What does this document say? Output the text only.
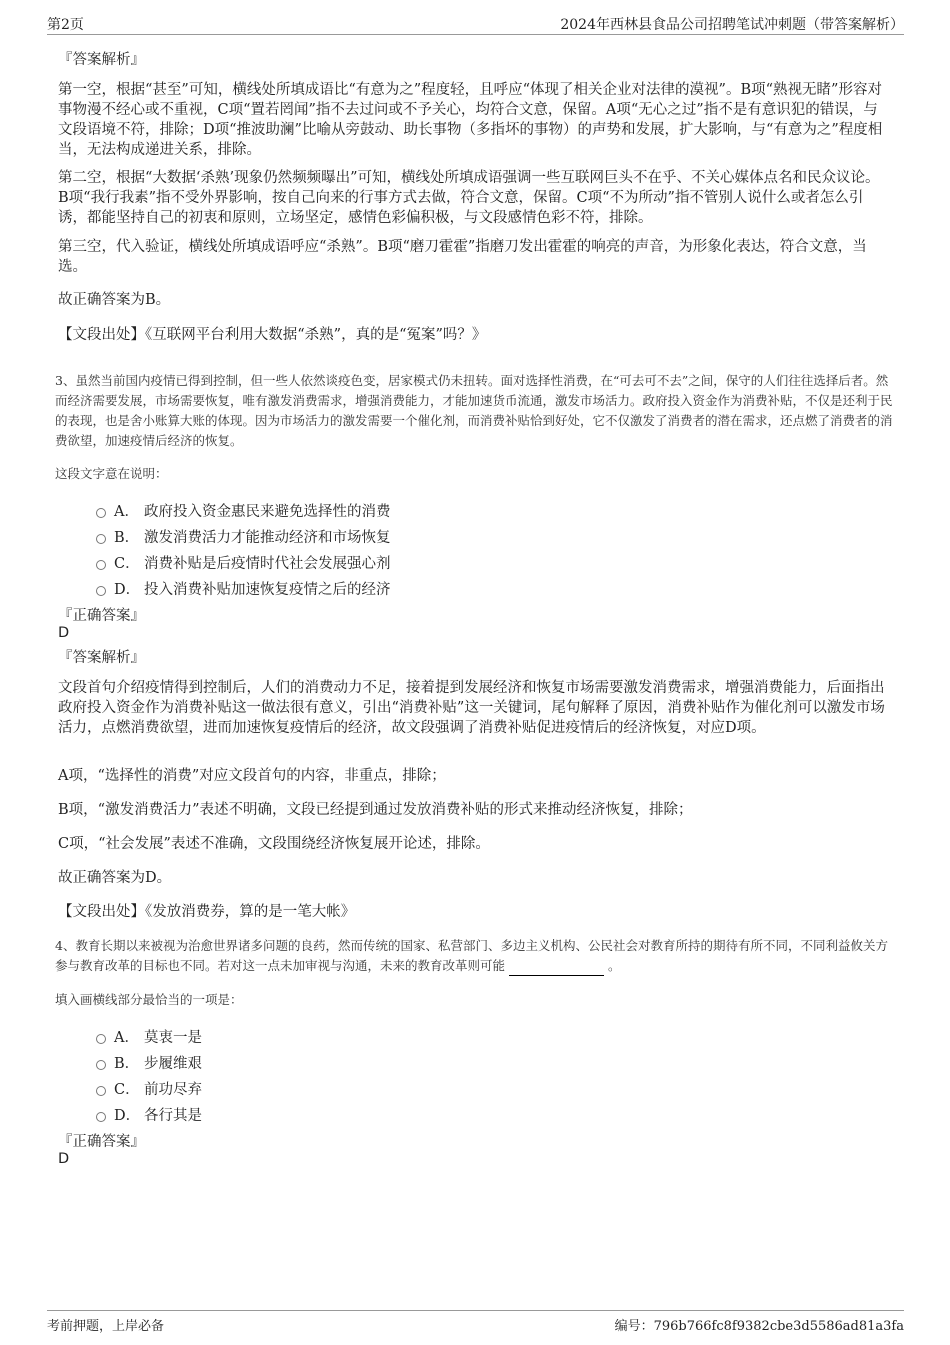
第2页	2024年西林县食品公司招聘笔试冲刺题（带答案解析）
『答案解析』
第一空，根据“甚至”可知，横线处所填成语比“有意为之”程度轻，且呼应“体现了相关企业对法律的漠视”。B项“熟视无睹”形容对事物漫不经心或不重视，C项“置若罔闻”指不去过问或不予关心，均符合文意，保留。A项“无心之过”指不是有意识犯的错误，与文段语境不符，排除；D项“推波助澜”比喻从旁鼓动、助长事物（多指坏的事物）的声势和发展，扩大影响，与“有意为之”程度相当，无法构成递进关系，排除。
第二空，根据“大数据‘杀熟’现象仍然频频曝出”可知，横线处所填成语强调一些互联网巨头不在乎、不关心媒体点名和民众议论。B项“我行我素”指不受外界影响，按自己向来的行事方式去做，符合文意，保留。C项“不为所动”指不管别人说什么或者怎么引诱，都能坚持自己的初衷和原则，立场坚定，感情色彩偏积极，与文段感情色彩不符，排除。
第三空，代入验证，横线处所填成语呼应“杀熟”。B项“磨刀霍霍”指磨刀发出霍霍的响亮的声音，为形象化表达，符合文意，当选。
故正确答案为B。
【文段出处】《互联网平台利用大数据“杀熟”，真的是“冤案”吗？》
3、虽然当前国内疫情已得到控制，但一些人依然谈疫色变，居家模式仍未扭转。面对选择性消费，在“可去可不去”之间，保守的人们往往选择后者。然而经济需要发展，市场需要恢复，唯有激发消费需求，增强消费能力，才能加速货币流通，激发市场活力。政府投入资金作为消费补贴，不仅是还利于民的表现，也是舍小账算大账的体现。因为市场活力的激发需要一个催化剂，而消费补贴恰到好处，它不仅激发了消费者的潜在需求，还点燃了消费者的消费欲望，加速疫情后经济的恢复。
这段文字意在说明：
A． 政府投入资金惠民来避免选择性的消费
B． 激发消费活力才能推动经济和市场恢复
C． 消费补贴是后疫情时代社会发展强心剂
D． 投入消费补贴加速恢复疫情之后的经济
『正确答案』
D
『答案解析』
文段首句介绍疫情得到控制后，人们的消费动力不足，接着提到发展经济和恢复市场需要激发消费需求，增强消费能力，后面指出政府投入资金作为消费补贴这一做法很有意义，引出“消费补贴”这一关键词，尾句解释了原因，消费补贴作为催化剂可以激发市场活力，点燃消费欲望，进而加速恢复疫情后的经济，故文段强调了消费补贴促进疫情后的经济恢复，对应D项。
A项，“选择性的消费”对应文段首句的内容，非重点，排除；
B项，“激发消费活力”表述不明确，文段已经提到通过发放消费补贴的形式来推动经济恢复，排除；
C项，“社会发展”表述不准确，文段围绕经济恢复展开论述，排除。
故正确答案为D。
【文段出处】《发放消费券，算的是一笔大帐》
4、教育长期以来被视为治愈世界诸多问题的良药，然而传统的国家、私营部门、多边主义机构、公民社会对教育所持的期待有所不同，不同利益攸关方参与教育改革的目标也不同。若对这一点未加审视与沟通，未来的教育改革则可能	。
填入画横线部分最恰当的一项是：
A． 莫衷一是
B． 步履维艰
C． 前功尽弃
D． 各行其是
『正确答案』
D
考前押题，上岸必备	编号：796b766fc8f9382cbe3d5586ad81a3fa
